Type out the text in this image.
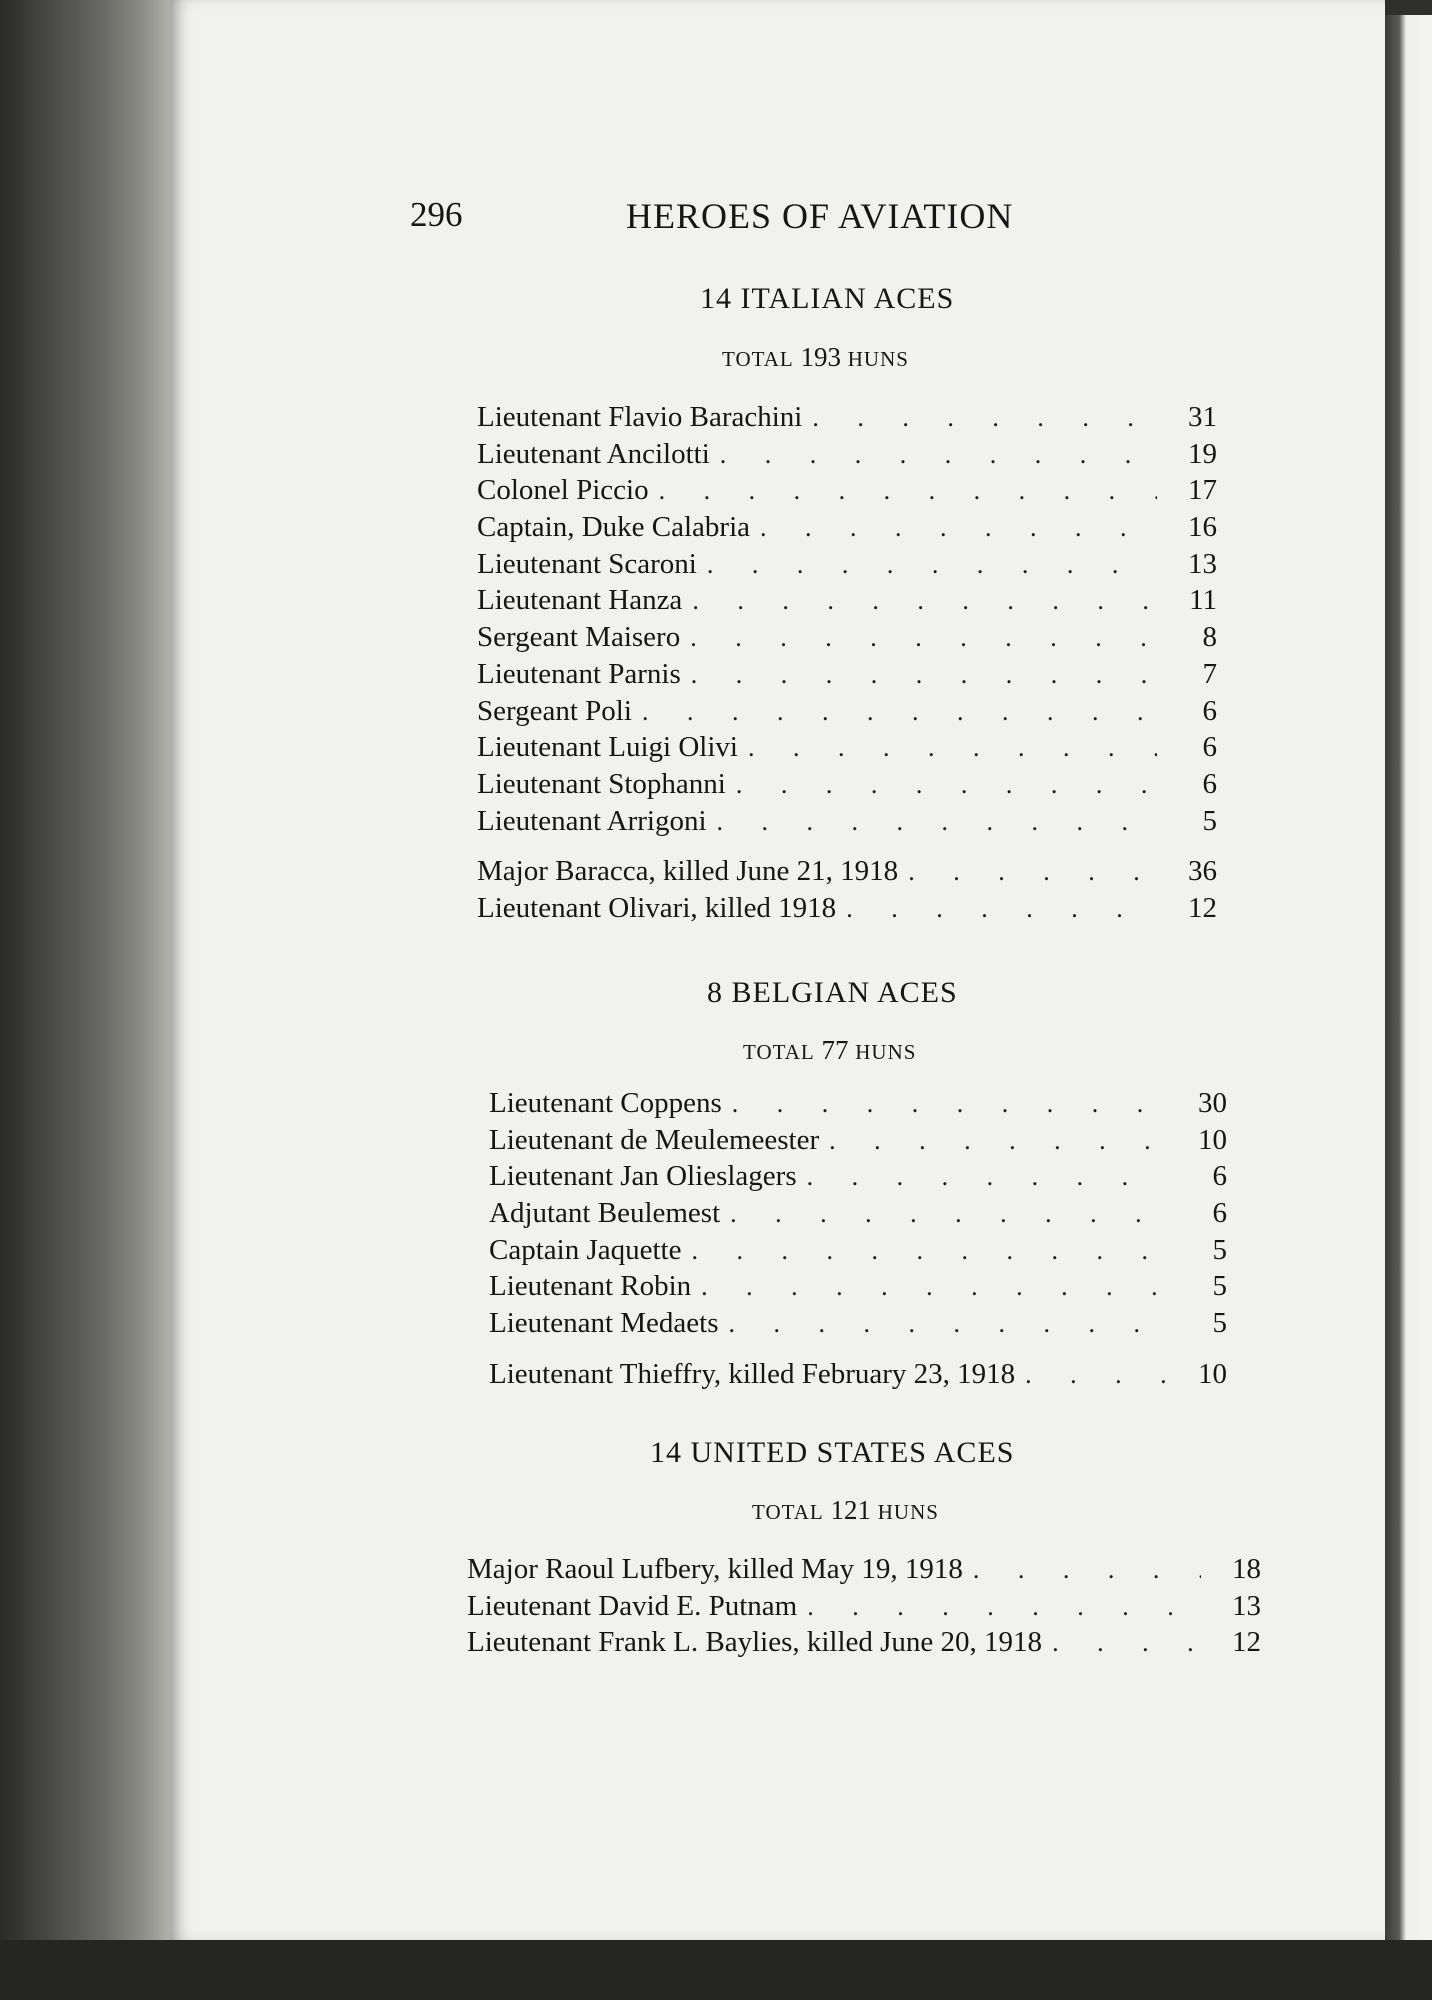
296	HEROES OF AVIATION
14 ITALIAN ACES
TOTAL 193 HUNS
Lieutenant Flavio Barachini . . .	31
Lieutenant Ancilotti . . .	19
Colonel Piccio . . .	17
Captain, Duke Calabria . . .	16
Lieutenant Scaroni . . .	13
Lieutenant Hanza . . .	11
Sergeant Maisero . . .	8
Lieutenant Parnis . . .	7
Sergeant Poli . . .	6
Lieutenant Luigi Olivi . . .	6
Lieutenant Stophanni . . .	6
Lieutenant Arrigoni . . .	5
Major Baracca, killed June 21, 1918 . . .	36
Lieutenant Olivari, killed 1918 . . .	12
8 BELGIAN ACES
TOTAL 77 HUNS
Lieutenant Coppens . . .	30
Lieutenant de Meulemeester . . .	10
Lieutenant Jan Olieslagers . . .	6
Adjutant Beulemest . . .	6
Captain Jaquette . . .	5
Lieutenant Robin . . .	5
Lieutenant Medaets . . .	5
Lieutenant Thieffry, killed February 23, 1918 . . .	10
14 UNITED STATES ACES
TOTAL 121 HUNS
Major Raoul Lufbery, killed May 19, 1918 . . .	18
Lieutenant David E. Putnam . . .	13
Lieutenant Frank L. Baylies, killed June 20, 1918 . . .	12
